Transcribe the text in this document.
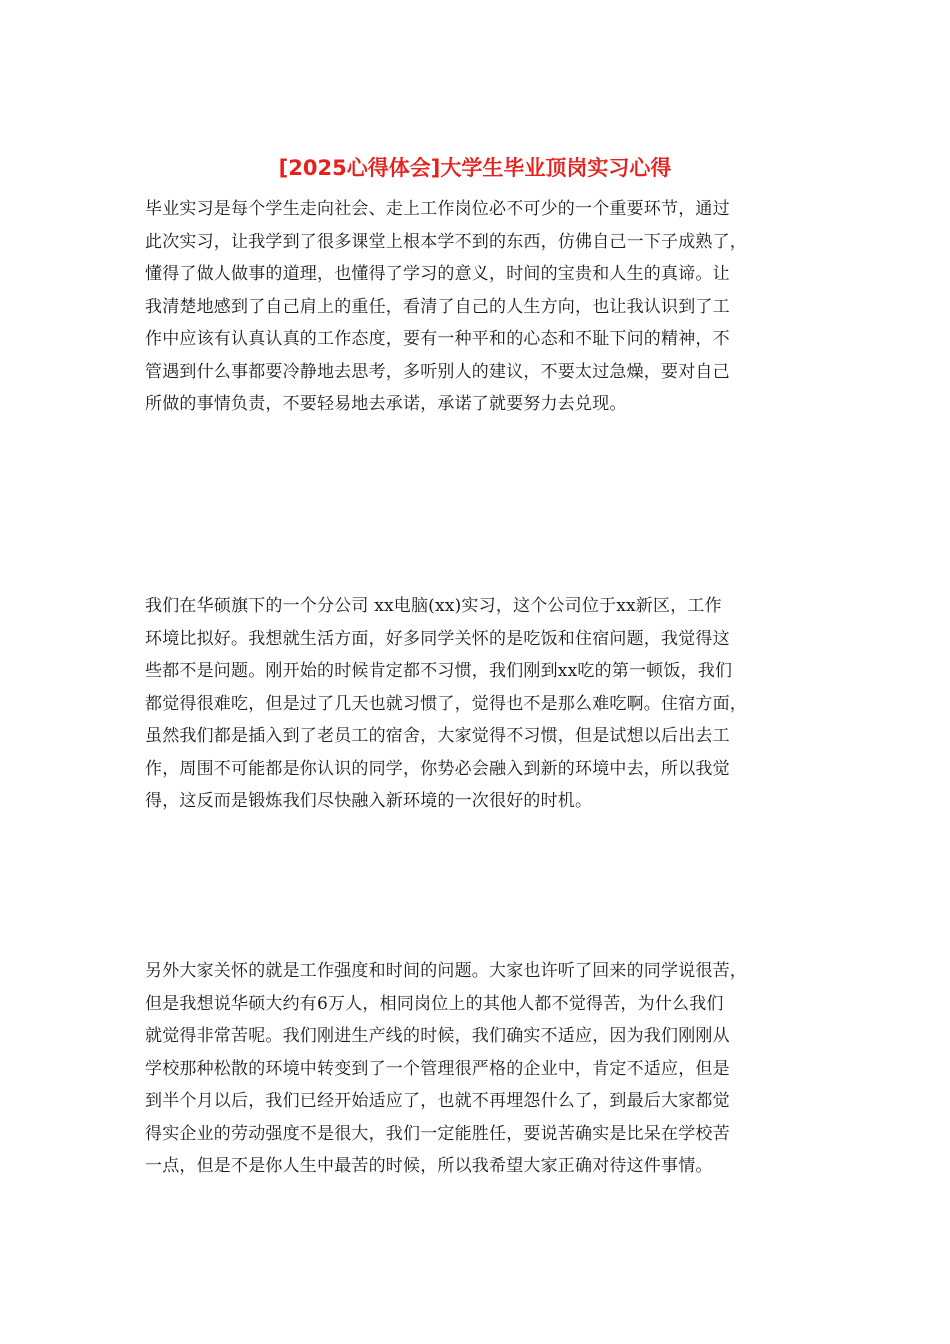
[2025心得体会]大学生毕业顶岗实习心得
毕业实习是每个学生走向社会、走上工作岗位必不可少的一个重要环节，通过
此次实习，让我学到了很多课堂上根本学不到的东西，仿佛自己一下子成熟了，
懂得了做人做事的道理，也懂得了学习的意义，时间的宝贵和人生的真谛。让
我清楚地感到了自己肩上的重任，看清了自己的人生方向，也让我认识到了工
作中应该有认真认真的工作态度，要有一种平和的心态和不耻下问的精神，不
管遇到什么事都要冷静地去思考，多听别人的建议，不要太过急燥，要对自己
所做的事情负责，不要轻易地去承诺，承诺了就要努力去兑现。
我们在华硕旗下的一个分公司 xx电脑(xx)实习，这个公司位于xx新区，工作
环境比拟好。我想就生活方面，好多同学关怀的是吃饭和住宿问题，我觉得这
些都不是问题。刚开始的时候肯定都不习惯，我们刚到xx吃的第一顿饭，我们
都觉得很难吃，但是过了几天也就习惯了，觉得也不是那么难吃啊。住宿方面，
虽然我们都是插入到了老员工的宿舍，大家觉得不习惯，但是试想以后出去工
作，周围不可能都是你认识的同学，你势必会融入到新的环境中去，所以我觉
得，这反而是锻炼我们尽快融入新环境的一次很好的时机。
另外大家关怀的就是工作强度和时间的问题。大家也许听了回来的同学说很苦，
但是我想说华硕大约有6万人，相同岗位上的其他人都不觉得苦，为什么我们
就觉得非常苦呢。我们刚进生产线的时候，我们确实不适应，因为我们刚刚从
学校那种松散的环境中转变到了一个管理很严格的企业中，肯定不适应，但是
到半个月以后，我们已经开始适应了，也就不再埋怨什么了，到最后大家都觉
得实企业的劳动强度不是很大，我们一定能胜任，要说苦确实是比呆在学校苦
一点，但是不是你人生中最苦的时候，所以我希望大家正确对待这件事情。
